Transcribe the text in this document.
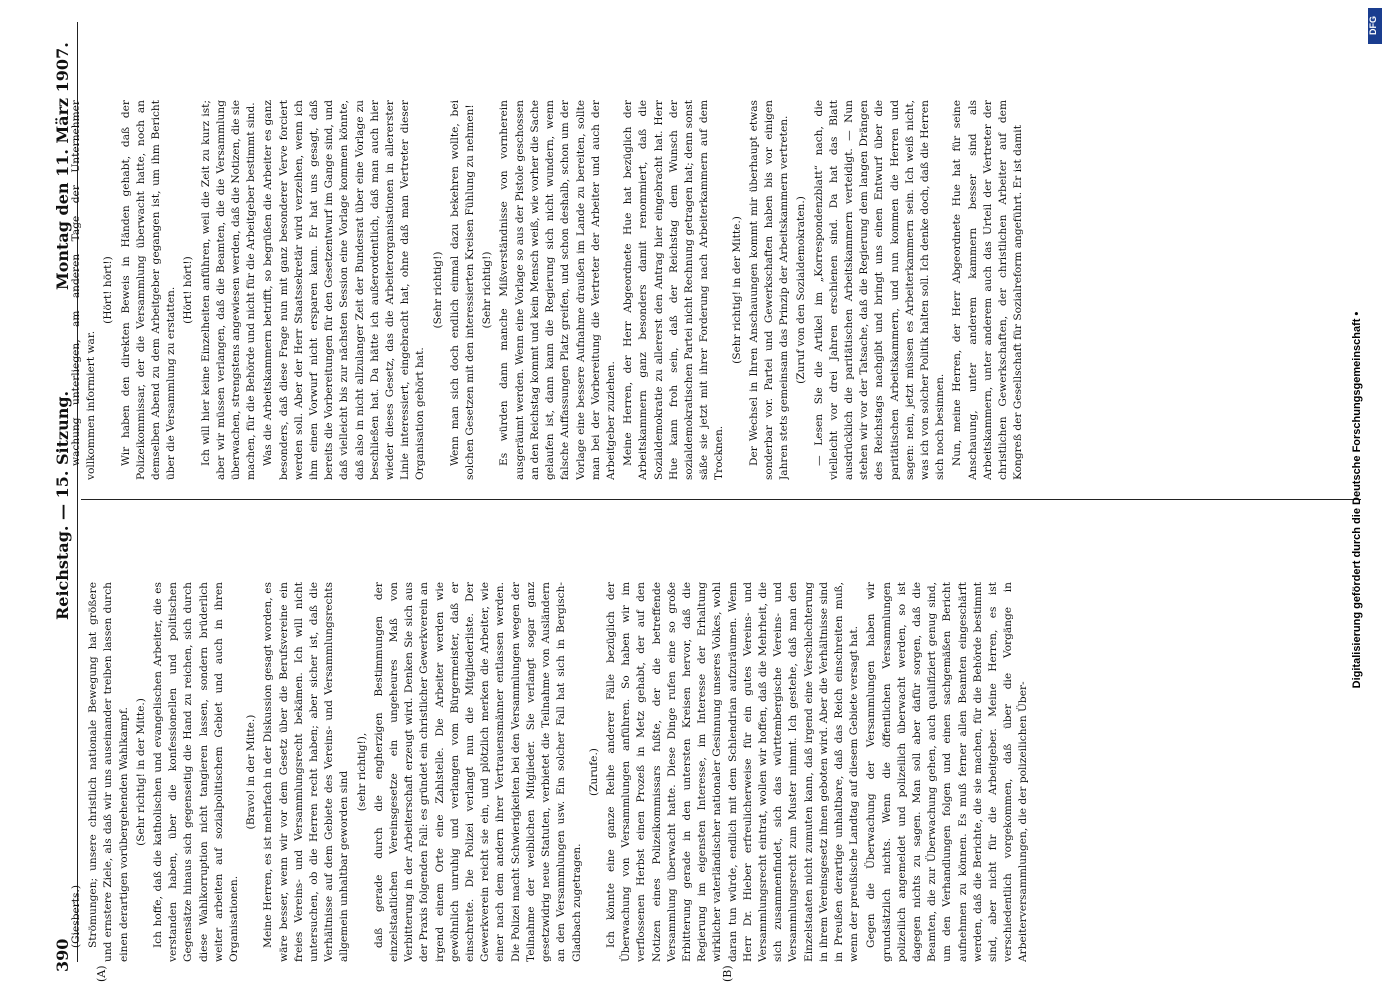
390
Reichstag. — 15. Sitzung.
Montag den 11. März 1907.
(A)	(B)

(Giesberts.) Strömungen; unsere christlich nationale Bewegung hat größere und ernstere Ziele, als daß wir uns auseinander treiben lassen durch einen derartigen vorübergehenden Wahlkampf. (Sehr richtig! in der Mitte.) Ich hoffe, daß die katholischen und evangelischen Arbeiter, die es verstanden haben, über die konfessionellen und politischen Gegensätze hinaus sich gegenseitig die Hand zu reichen, sich durch diese Wahlkorruption nicht tangieren lassen, sondern brüderlich weiter arbeiten auf sozialpolitischem Gebiet und auch in ihren Organisationen.

(Bravo! in der Mitte.) Meine Herren, es ist mehrfach in der Diskussion gesagt worden, es wäre besser, wenn wir vor dem Gesetz über die Berufsvereine ein freies Vereins- und Versammlungsrecht bekämen. Ich will nicht untersuchen, ob die Herren recht haben; aber sicher ist, daß die Verhältnisse auf dem Gebiete des Vereins- und Versammlungsrechts allgemein unhaltbar geworden sind (sehr richtig!), daß gerade durch die engherzigen Bestimmungen der einzelstaatlichen Vereinsgesetze ein ungeheures Maß von Verbitterung in der Arbeiterschaft erzeugt wird. Denken Sie sich aus der Praxis folgenden Fall: es gründet ein christlicher Gewerkverein an irgend einem Orte eine Zahlstelle. Die Arbeiter werden wie gewöhnlich unruhig und verlangen vom Bürgermeister, daß er einschreite. Die Polizei verlangt nun die Mitgliederliste. Der Gewerkverein reicht sie ein, und plötzlich merken die Arbeiter, wie einer nach dem andern ihrer Vertrauensmänner entlassen werden. Die Polizei macht Schwierigkeiten bei den Versammlungen wegen der Teilnahme der weiblichen Mitglieder. Sie verlangt sogar ganz gesetzwidrig neue Statuten, verbietet die Teilnahme von Ausländern an den Versammlungen usw. Ein solcher Fall hat sich in Bergisch-Gladbach zugetragen.

(Zurufe.) Ich könnte eine ganze Reihe anderer Fälle bezüglich der Überwachung von Versammlungen anführen. So haben wir im verflossenen Herbst einen Prozeß in Metz gehabt, der auf den Notizen eines Polizeikommissars fußte, der die betreffende Versammlung überwacht hatte. Diese Dinge rufen eine so große Erbitterung gerade in den untersten Kreisen hervor, daß die Regierung im eigensten Interesse, im Interesse der Erhaltung wirklicher vaterländischer nationaler Gesinnung unseres Volkes, wohl daran tun würde, endlich mit dem Schlendrian aufzuräumen. Wenn Herr Dr. Hieber erfreulicherweise für ein gutes Vereins- und Versammlungsrecht eintrat, wollen wir hoffen, daß die Mehrheit, die sich zusammenfindet, sich das württembergische Vereins- und Versammlungsrecht zum Muster nimmt. Ich gestehe, daß man den Einzelstaaten nicht zumuten kann, daß irgend eine Verschlechterung in ihrem Vereinsgesetz ihnen geboten wird. Aber die Verhältnisse sind in Preußen derartige unhaltbare, daß das Reich einschreiten muß, wenn der preußische Landtag auf diesem Gebiete versagt hat. Gegen die Überwachung der Versammlungen haben wir grundsätzlich nichts. Wenn die öffentlichen Versammlungen polizeilich angemeldet und polizeilich überwacht werden, so ist dagegen nichts zu sagen. Man soll aber dafür sorgen, daß die Beamten, die zur Überwachung gehen, auch qualifiziert genug sind, um den Verhandlungen folgen und einen sachgemäßen Bericht aufnehmen zu können. Es muß ferner allen Beamten eingeschärft werden, daß die Berichte, die sie machen, für die Behörde bestimmt sind, aber nicht für die Arbeitgeber. Meine Herren, es ist verschiedentlich vorgekommen, daß über die Vorgänge in Arbeiterversammlungen, die der polizeilichen Über-

wachung unterliegen, am anderen Tage der Unternehmer vollkommen informiert war.

(Hört! hört!) Wir haben den direkten Beweis in Händen gehabt, daß der Polizeikommissar, der die Versammlung überwacht hatte, noch an demselben Abend zu dem Arbeitgeber gegangen ist, um ihm Bericht über die Versammlung zu erstatten. (Hört! hört!) Ich will hier keine Einzelheiten anführen, weil die Zeit zu kurz ist; aber wir müssen verlangen, daß die Beamten, die die Versammlung überwachen, strengstens angewiesen werden, daß die Notizen, die sie machen, für die Behörde und nicht für die Arbeitgeber bestimmt sind. Was die Arbeitskammern betrifft, so begrüßen die Arbeiter es ganz besonders, daß diese Frage nun mit ganz besonderer Verve forciert werden soll. Aber der Herr Staatssekretär wird verzeihen, wenn ich ihm einen Vorwurf nicht ersparen kann. Er hat uns gesagt, daß bereits die Vorbereitungen für den Gesetzentwurf im Gange sind, und daß vielleicht bis zur nächsten Session eine Vorlage kommen könnte, daß also in nicht allzulanger Zeit der Bundesrat über eine Vorlage zu beschließen hat. Da hätte ich außerordentlich, daß man auch hier wieder dieses Gesetz, das die Arbeiterorganisationen in allererster Linie interessiert, eingebracht hat, ohne daß man Vertreter dieser Organisation gehört hat.

(Sehr richtig!) Wenn man sich doch endlich einmal dazu bekehren wollte, bei solchen Gesetzen mit den interessierten Kreisen Fühlung zu nehmen! (Sehr richtig!) Es würden dann manche Mißverständnisse von vornherein ausgeräumt werden. Wenn eine Vorlage so aus der Pistole geschossen an den Reichstag kommt und kein Mensch weiß, wie vorher die Sache gelaufen ist, dann kann die Regierung sich nicht wundern, wenn falsche Auffassungen Platz greifen, und schon deshalb, schon um der Vorlage eine bessere Aufnahme draußen im Lande zu bereiten, sollte man bei der Vorbereitung die Vertreter der Arbeiter und auch der Arbeitgeber zuziehen. Meine Herren, der Herr Abgeordnete Hue hat bezüglich der Arbeitskammern ganz besonders damit renommiert, daß die Sozialdemokratie zu allererst den Antrag hier eingebracht hat. Herr Hue kann froh sein, daß der Reichstag dem Wunsch der sozialdemokratischen Partei nicht Rechnung getragen hat; denn sonst säße sie jetzt mit ihrer Forderung nach Arbeiterkammern auf dem Trocknen.

(Sehr richtig! in der Mitte.) Der Wechsel in Ihren Anschauungen kommt mir überhaupt etwas sonderbar vor. Partei und Gewerkschaften haben bis vor einigen Jahren stets gemeinsam das Prinzip der Arbeitskammern vertreten. (Zuruf von den Sozialdemokraten.) — Lesen Sie die Artikel im „Korrespondenzblatt“ nach, die vielleicht vor drei Jahren erschienen sind. Da hat das Blatt ausdrücklich die paritätischen Arbeitskammern verteidigt. — Nun stehen wir vor der Tatsache, daß die Regierung dem langen Drängen des Reichstags nachgibt und bringt uns einen Entwurf über die paritätischen Arbeitskammern, und nun kommen die Herren und sagen: nein, jetzt müssen es Arbeiterkammern sein. Ich weiß nicht, was ich von solcher Politik halten soll. Ich denke doch, daß die Herren sich noch besinnen. Nun, meine Herren, der Herr Abgeordnete Hue hat für seine Anschauung, unter anderem kammern besser sind als Arbeitskammern, unter anderem auch das Urteil der Vertreter der christlichen Gewerkschaften, der christlichen Arbeiter auf dem Kongreß der Gesellschaft für Sozialreform angeführt. Er ist damit

DFG
Digitalisierung gefördert durch die Deutsche Forschungsgemeinschaft •
